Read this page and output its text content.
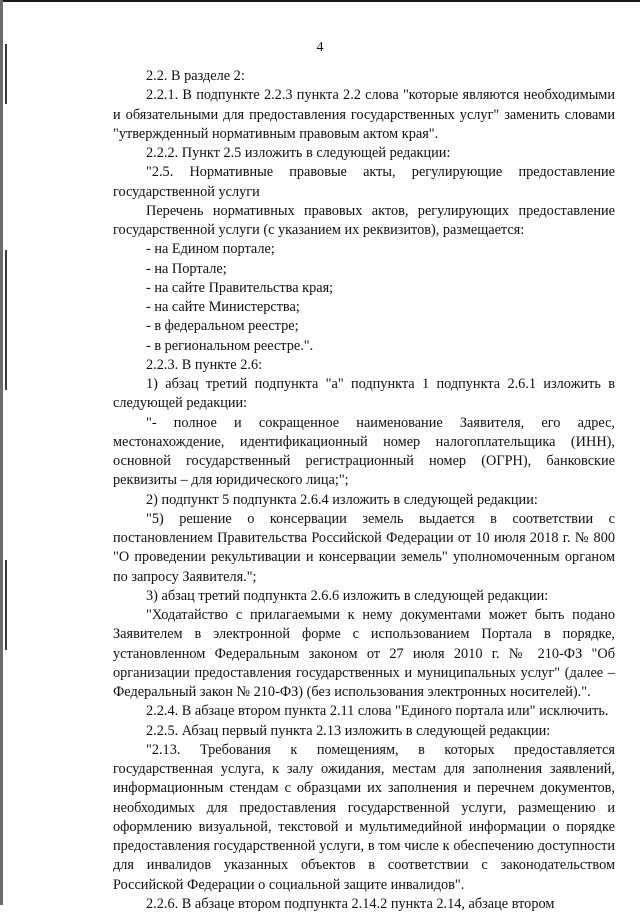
4

2.2. В разделе 2:

2.2.1. В подпункте 2.2.3 пункта 2.2 слова "которые являются необходимыми и обязательными для предоставления государственных услуг" заменить словами "утвержденный нормативным правовым актом края".

2.2.2. Пункт 2.5 изложить в следующей редакции:

"2.5. Нормативные правовые акты, регулирующие предоставление государственной услуги

Перечень нормативных правовых актов, регулирующих предоставление государственной услуги (с указанием их реквизитов), размещается:

- на Едином портале;

- на Портале;

- на сайте Правительства края;

- на сайте Министерства;

- в федеральном реестре;

- в региональном реестре.".

2.2.3. В пункте 2.6:

1) абзац третий подпункта "а" подпункта 1 подпункта 2.6.1 изложить в следующей редакции:

"- полное и сокращенное наименование Заявителя, его адрес, местонахождение, идентификационный номер налогоплательщика (ИНН), основной государственный регистрационный номер (ОГРН), банковские реквизиты – для юридического лица;";

2) подпункт 5 подпункта 2.6.4 изложить в следующей редакции:

"5) решение о консервации земель выдается в соответствии с постановлением Правительства Российской Федерации от 10 июля 2018 г. № 800 "О проведении рекультивации и консервации земель" уполномоченным органом по запросу Заявителя.";

3) абзац третий подпункта 2.6.6 изложить в следующей редакции:

"Ходатайство с прилагаемыми к нему документами может быть подано Заявителем в электронной форме с использованием Портала в порядке, установленном Федеральным законом от 27 июля 2010 г. № 210-ФЗ "Об организации предоставления государственных и муниципальных услуг" (далее – Федеральный закон № 210-ФЗ) (без использования электронных носителей).".

2.2.4. В абзаце втором пункта 2.11 слова "Единого портала или" исключить.

2.2.5. Абзац первый пункта 2.13 изложить в следующей редакции:

"2.13. Требования к помещениям, в которых предоставляется государственная услуга, к залу ожидания, местам для заполнения заявлений, информационным стендам с образцами их заполнения и перечнем документов, необходимых для предоставления государственной услуги, размещению и оформлению визуальной, текстовой и мультимедийной информации о порядке предоставления государственной услуги, в том числе к обеспечению доступности для инвалидов указанных объектов в соответствии с законодательством Российской Федерации о социальной защите инвалидов".

2.2.6. В абзаце втором подпункта 2.14.2 пункта 2.14, абзаце втором
